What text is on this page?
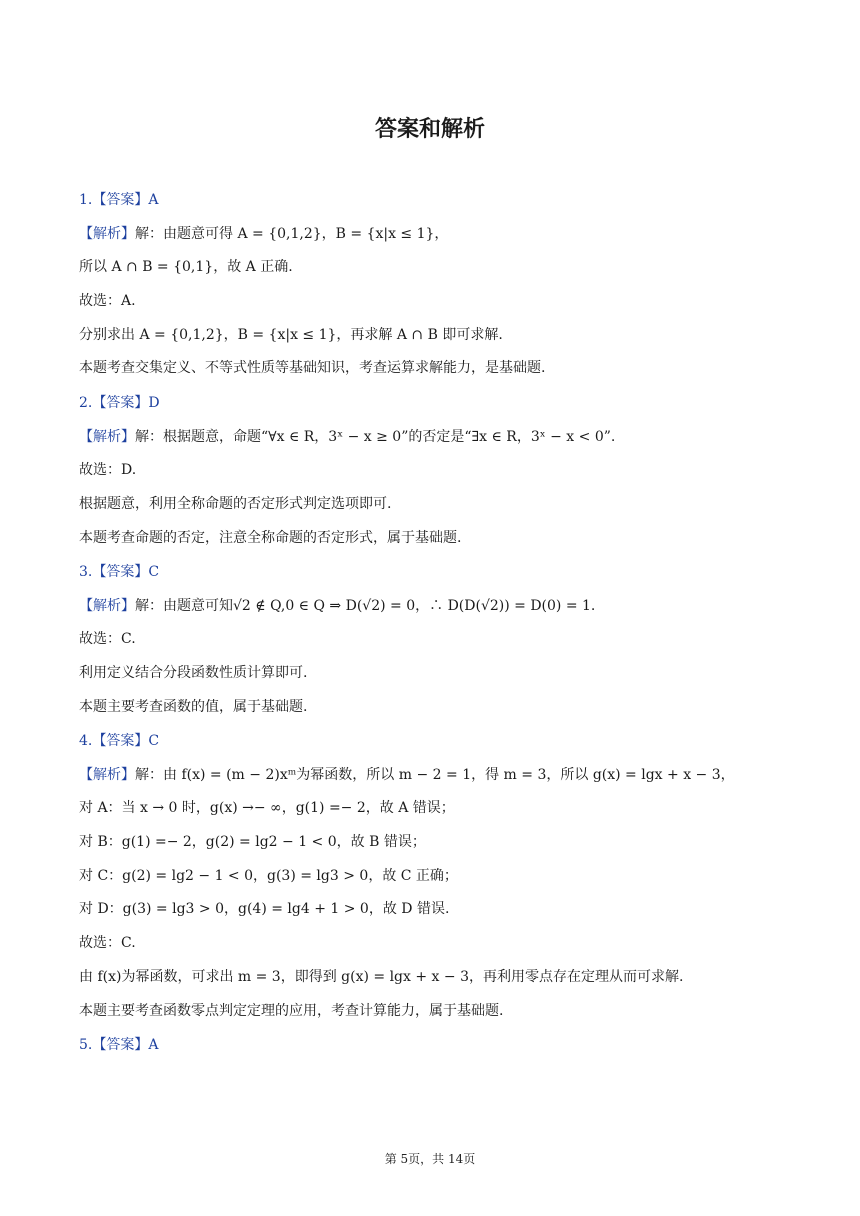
答案和解析
1.【答案】A
【解析】解：由题意可得 A = {0,1,2}，B = {x|x ≤ 1}，
所以 A ∩ B = {0,1}，故 A 正确.
故选：A.
分别求出 A = {0,1,2}，B = {x|x ≤ 1}，再求解 A ∩ B 即可求解.
本题考查交集定义、不等式性质等基础知识，考查运算求解能力，是基础题.
2.【答案】D
【解析】解：根据题意，命题“∀x ∈ R，3ˣ − x ≥ 0”的否定是“∃x ∈ R，3ˣ − x < 0”.
故选：D.
根据题意，利用全称命题的否定形式判定选项即可.
本题考查命题的否定，注意全称命题的否定形式，属于基础题.
3.【答案】C
【解析】解：由题意可知√2 ∉ Q,0 ∈ Q ⇒ D(√2) = 0，∴ D(D(√2)) = D(0) = 1.
故选：C.
利用定义结合分段函数性质计算即可.
本题主要考查函数的值，属于基础题.
4.【答案】C
【解析】解：由 f(x) = (m − 2)xᵐ为幂函数，所以 m − 2 = 1，得 m = 3，所以 g(x) = lgx + x − 3，
对 A：当 x → 0 时，g(x) →− ∞，g(1) =− 2，故 A 错误；
对 B：g(1) =− 2，g(2) = lg2 − 1 < 0，故 B 错误；
对 C：g(2) = lg2 − 1 < 0，g(3) = lg3 > 0，故 C 正确；
对 D：g(3) = lg3 > 0，g(4) = lg4 + 1 > 0，故 D 错误.
故选：C.
由 f(x)为幂函数，可求出 m = 3，即得到 g(x) = lgx + x − 3，再利用零点存在定理从而可求解.
本题主要考查函数零点判定定理的应用，考查计算能力，属于基础题.
5.【答案】A
第 5页，共 14页
